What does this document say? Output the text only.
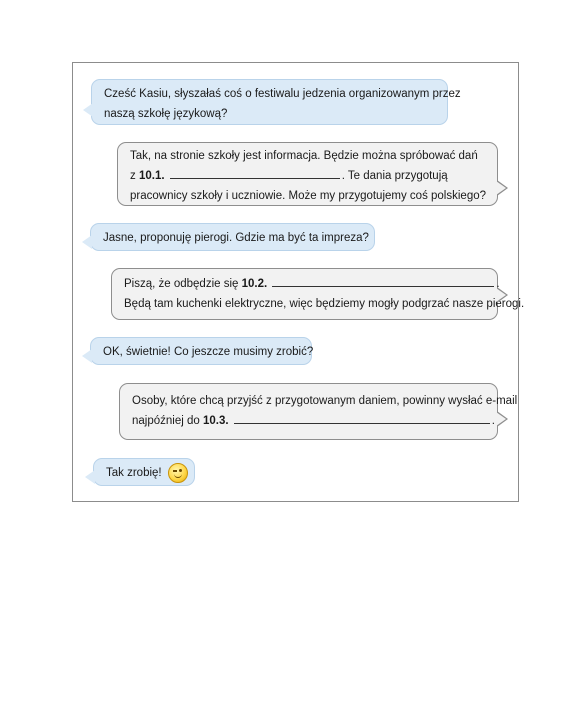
Cześć Kasiu, słyszałaś coś o festiwalu jedzenia organizowanym przez
naszą szkołę językową?
Tak, na stronie szkoły jest informacja. Będzie można spróbować dań
z 10.1.	. Te dania przygotują
pracownicy szkoły i uczniowie. Może my przygotujemy coś polskiego?
Jasne, proponuję pierogi. Gdzie ma być ta impreza?
Piszą, że odbędzie się 10.2.	.
Będą tam kuchenki elektryczne, więc będziemy mogły podgrzać nasze pierogi.
OK, świetnie! Co jeszcze musimy zrobić?
Osoby, które chcą przyjść z przygotowanym daniem, powinny wysłać e-mail
najpóźniej do 10.3.	.
Tak zrobię!
